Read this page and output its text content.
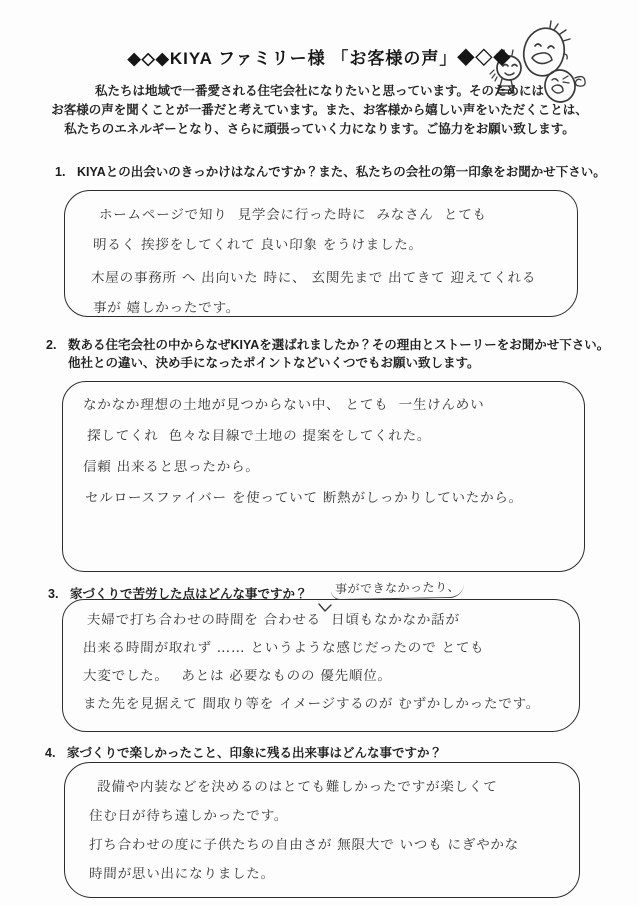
◆◇◆KIYA ファミリー様 「お客様の声」◆◇◆
私たちは地域で一番愛される住宅会社になりたいと思っています。そのためには
お客様の声を聞くことが一番だと考えています。また、お客様から嬉しい声をいただくことは、
私たちのエネルギーとなり、さらに頑張っていく力になります。ご協力をお願い致します。
1. KIYAとの出会いのきっかけはなんですか？また、私たちの会社の第一印象をお聞かせ下さい。
ホームページで知り  見学会に行った時に  みなさん  とても
明るく 挨拶をしてくれて 良い印象 をうけました。
木屋の事務所 へ 出向いた 時に、 玄関先まで 出てきて 迎えてくれる
事が 嬉しかったです。
2. 数ある住宅会社の中からなぜKIYAを選ばれましたか？その理由とストーリーをお聞かせ下さい。
他社との違い、決め手になったポイントなどいくつでもお願い致します。
なかなか理想の土地が見つからない中、 とても  一生けんめい
探してくれ  色々な目線で土地の 提案をしてくれた。
信頼 出来ると思ったから。
セルロースファイバー を使っていて 断熱がしっかりしていたから。
3. 家づくりで苦労した点はどんな事ですか？	事ができなかったり、
夫婦で打ち合わせの時間を 合わせる  日頃もなかなか話が
出来る時間が取れず …… というような感じだったので とても
大変でした。　 あとは 必要なものの 優先順位。
また先を見据えて 間取り等を イメージするのが むずかしかったです。
4. 家づくりで楽しかったこと、印象に残る出来事はどんな事ですか？
設備や内装などを決めるのはとても難しかったですが楽しくて
住む日が待ち遠しかったです。
打ち合わせの度に子供たちの自由さが 無限大で いつも にぎやかな
時間が思い出になりました。
